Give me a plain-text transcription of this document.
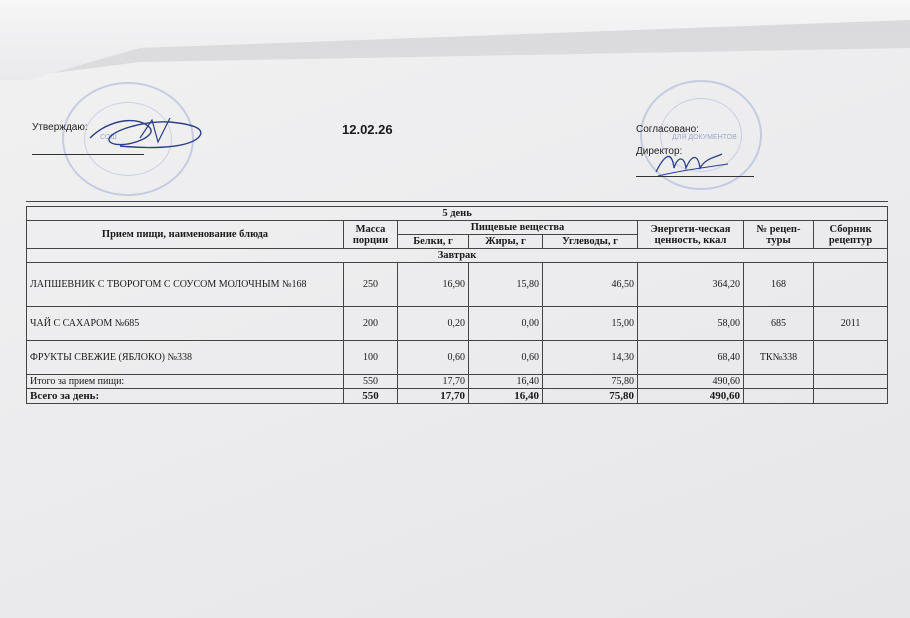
СОШ	ДЛЯ ДОКУМЕНТОВ
Утверждаю:	12.02.26	Согласовано:
Директор:
5 день							
Прием пищи, наименование блюда	Масса порции	Пищевые вещества			Энергети-ческая ценность, ккал	№ рецеп-туры	Сборник рецептур
		Белки, г	Жиры, г	Углеводы, г			
Завтрак							
ЛАПШЕВНИК С ТВОРОГОМ С СОУСОМ МОЛОЧНЫМ №168	250	16,90	15,80	46,50	364,20	168	
ЧАЙ С САХАРОМ №685	200	0,20	0,00	15,00	58,00	685	2011
ФРУКТЫ СВЕЖИЕ (ЯБЛОКО) №338	100	0,60	0,60	14,30	68,40	ТК№338	
Итого за прием пищи:	550	17,70	16,40	75,80	490,60		
Всего за день:	550	17,70	16,40	75,80	490,60		
